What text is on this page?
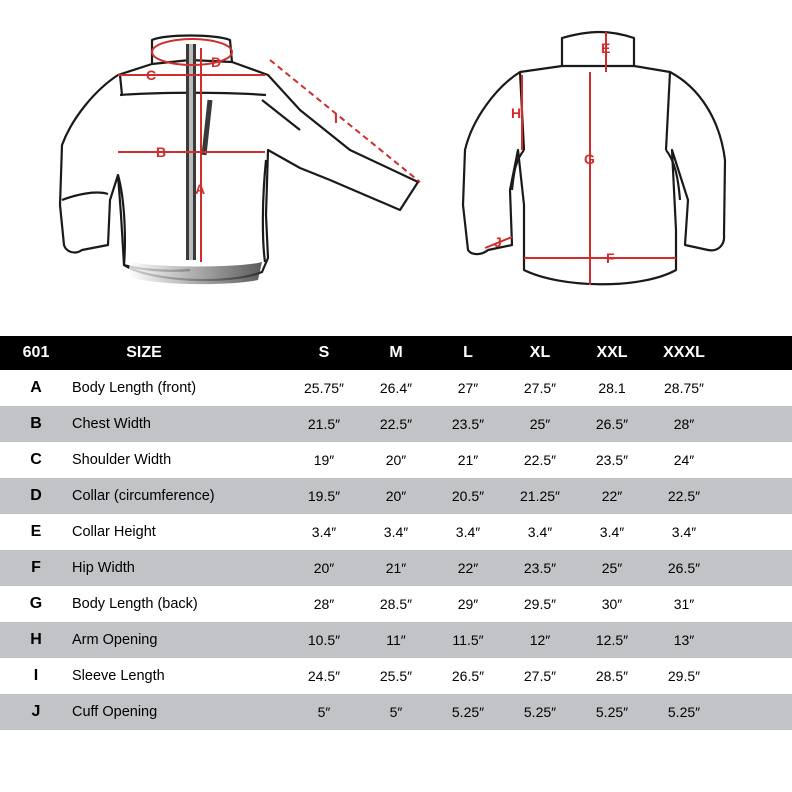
C
D
B
A
I
E
H
G
J
F
601	SIZE	S	M	L	XL	XXL	XXXL
A	Body Length (front)	25.75″	26.4″	27″	27.5″	28.1	28.75″
B	Chest Width	21.5″	22.5″	23.5″	25″	26.5″	28″
C	Shoulder Width	19″	20″	21″	22.5″	23.5″	24″
D	Collar (circumference)	19.5″	20″	20.5″	21.25″	22″	22.5″
E	Collar Height	3.4″	3.4″	3.4″	3.4″	3.4″	3.4″
F	Hip Width	20″	21″	22″	23.5″	25″	26.5″
G	Body Length (back)	28″	28.5″	29″	29.5″	30″	31″
H	Arm Opening	10.5″	11″	11.5″	12″	12.5″	13″
I	Sleeve Length	24.5″	25.5″	26.5″	27.5″	28.5″	29.5″
J	Cuff Opening	5″	5″	5.25″	5.25″	5.25″	5.25″
